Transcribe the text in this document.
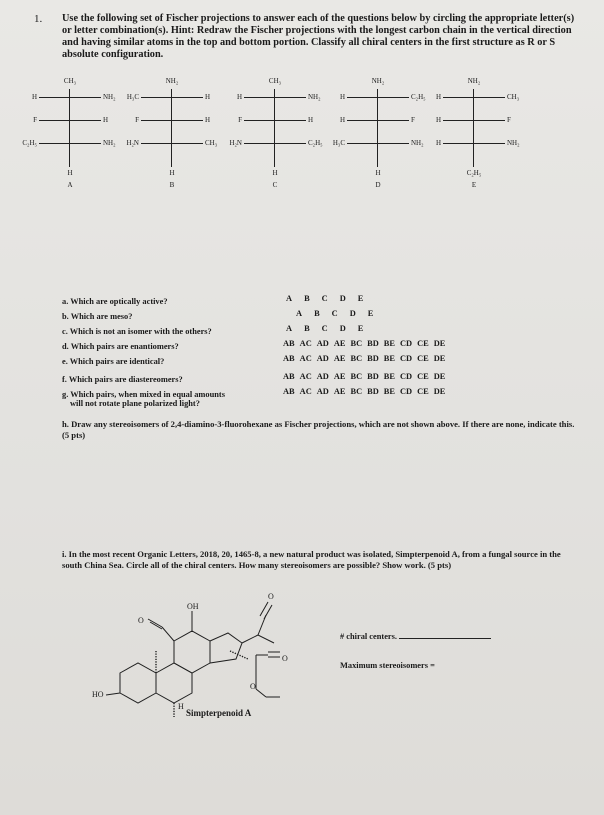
1. Use the following set of Fischer projections to answer each of the questions below by circling the appropriate letter(s) or letter combination(s). Hint: Redraw the Fischer projections with the longest carbon chain in the vertical direction and having similar atoms in the top and bottom portion. Classify all chiral centers in the first structure as R or S absolute configuration.
CH₃
H	NH₂
F	H
C₂H₅	NH₂
H
A
NH₂
H₃C	H
F	H
H₂N	CH₃
H
B
CH₃
H	NH₂
F	H
H₂N	C₂H₅
H
C
NH₂
H	C₂H₅
H	F
H₃C	NH₂
H
D
NH₂
H	CH₃
H	F
H	NH₂
C₂H₅
E
a. Which are optically active?	A B C D E
b. Which are meso?	A B C D E
c. Which is not an isomer with the others?	A B C D E
d. Which pairs are enantiomers?	AB AC AD AE BC BD BE CD CE DE
e. Which pairs are identical?	AB AC AD AE BC BD BE CD CE DE
f. Which pairs are diastereomers?	AB AC AD AE BC BD BE CD CE DE
g. Which pairs, when mixed in equal amounts
will not rotate plane polarized light?
AB AC AD AE BC BD BE CD CE DE
h. Draw any stereoisomers of 2,4-diamino-3-fluorohexane as Fischer projections, which are not shown above. If there are none, indicate this. (5 pts)
i. In the most recent Organic Letters, 2018, 20, 1465-8, a new natural product was isolated, Simpterpenoid A, from a fungal source in the south China Sea. Circle all of the chiral centers. How many stereoisomers are possible? Show work. (5 pts)
OH
O
O
O
O
HO
H
Simpterpenoid A
# chiral centers.
Maximum stereoisomers =
